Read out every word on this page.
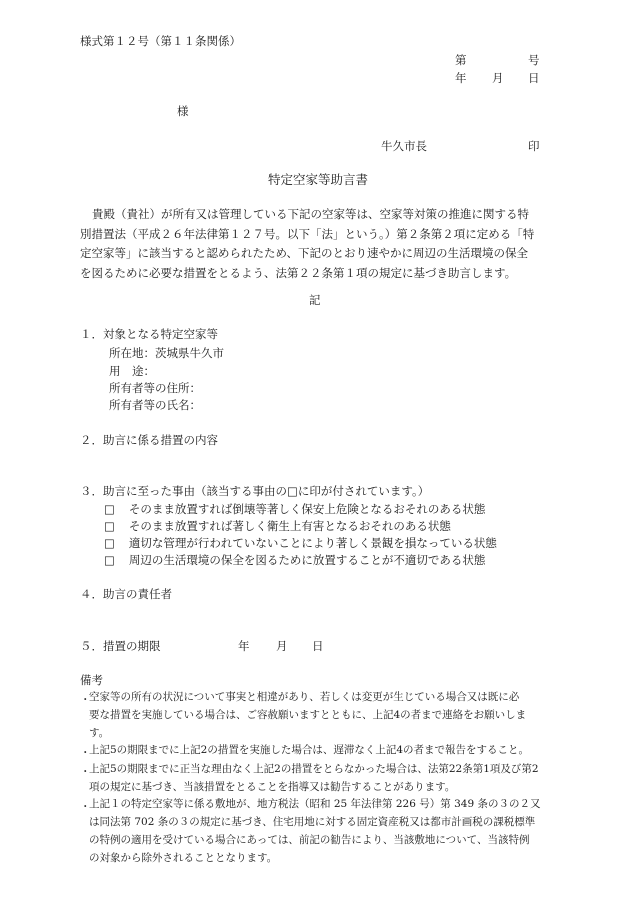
様式第１２号（第１１条関係）
第	号
年 月 日
様
牛久市長	印
特定空家等助言書
貴殿（貴社）が所有又は管理している下記の空家等は、空家等対策の推進に関する特
別措置法（平成２６年法律第１２７号。以下「法」という。）第２条第２項に定める「特
定空家等」に該当すると認められたため、下記のとおり速やかに周辺の生活環境の保全
を図るために必要な措置をとるよう、法第２２条第１項の規定に基づき助言します。
記
１．対象となる特定空家等
所在地：茨城県牛久市
用　途：
所有者等の住所：
所有者等の氏名：
２．助言に係る措置の内容
３．助言に至った事由（該当する事由の□に印が付されています。）
□ そのまま放置すれば倒壊等著しく保安上危険となるおそれのある状態
□ そのまま放置すれば著しく衛生上有害となるおそれのある状態
□ 適切な管理が行われていないことにより著しく景観を損なっている状態
□ 周辺の生活環境の保全を図るために放置することが不適切である状態
４．助言の責任者
５．措置の期限	年 月 日
備考
・
空家等の所有の状況について事実と相違があり、若しくは変更が生じている場合又は既に必
要な措置を実施している場合は、ご容赦願いますとともに、上記4の者まで連絡をお願いしま
す。
・
上記5の期限までに上記2の措置を実施した場合は、遅滞なく上記4の者まで報告をすること。
・
上記5の期限までに正当な理由なく上記2の措置をとらなかった場合は、法第22条第1項及び第2
項の規定に基づき、当該措置をとることを指導又は勧告することがあります。
・
上記１の特定空家等に係る敷地が、地方税法（昭和 25 年法律第 226 号）第 349 条の３の２又
は同法第 702 条の３の規定に基づき、住宅用地に対する固定資産税又は都市計画税の課税標準
の特例の適用を受けている場合にあっては、前記の勧告により、当該敷地について、当該特例
の対象から除外されることとなります。
